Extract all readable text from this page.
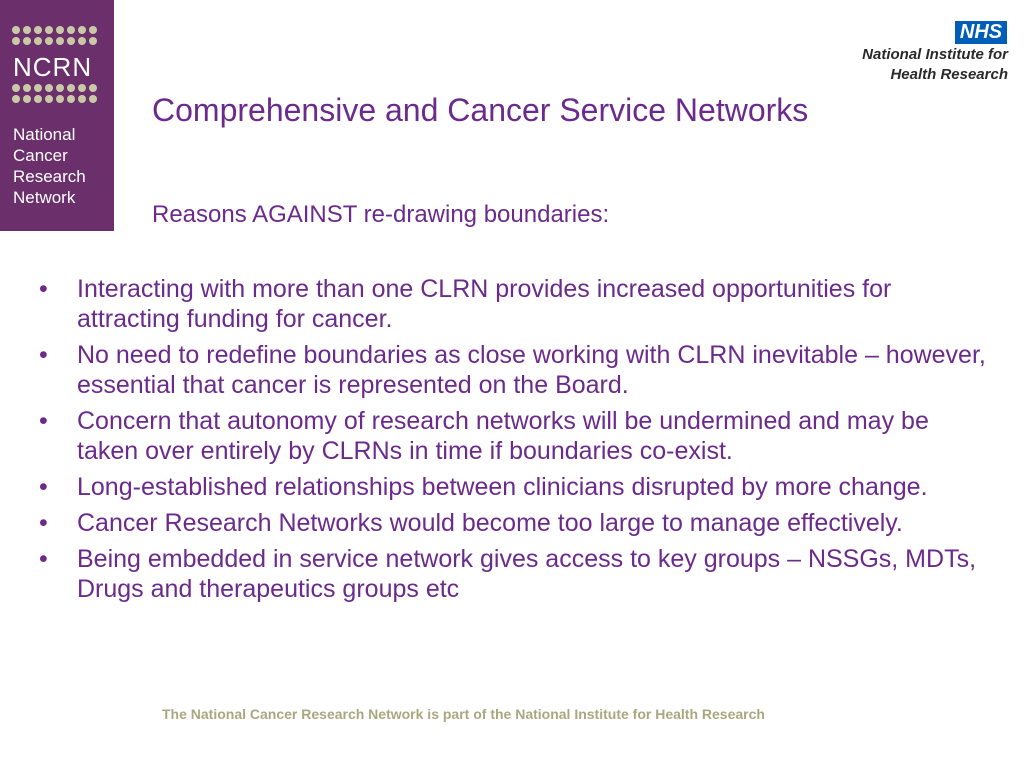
NCRN
National
Cancer
Research
Network
NHS
National Institute for
Health Research
Comprehensive and Cancer Service Networks
Reasons AGAINST re-drawing boundaries:
•	Interacting with more than one CLRN provides increased opportunities for attracting funding for cancer.
•	No need to redefine boundaries as close working with CLRN inevitable – however, essential that cancer is represented on the Board.
•	Concern that autonomy of research networks will be undermined and may be taken over entirely by CLRNs in time if boundaries co-exist.
•	Long-established relationships between clinicians disrupted by more change.
•	Cancer Research Networks would become too large to manage effectively.
•	Being embedded in service network gives access to key groups – NSSGs, MDTs, Drugs and therapeutics groups etc
The National Cancer Research Network is part of the National Institute for Health Research
